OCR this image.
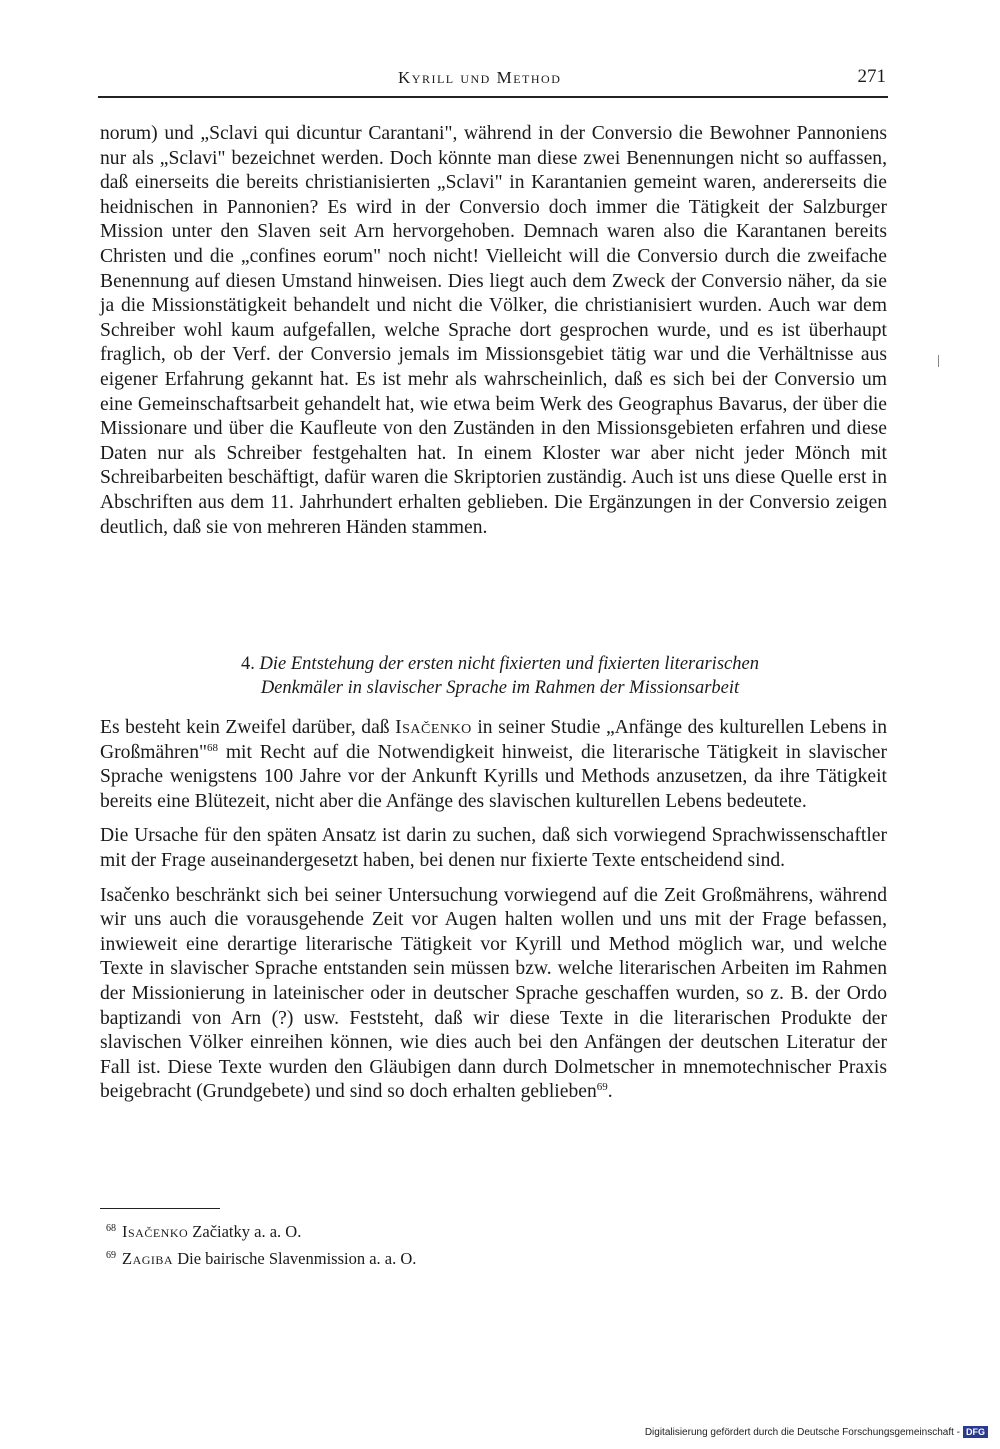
Kyrill und Method	271

norum) und „Sclavi qui dicuntur Carantani", während in der Conversio die Bewohner Pannoniens nur als „Sclavi" bezeichnet werden. Doch könnte man diese zwei Benennungen nicht so auffassen, daß einerseits die bereits christianisierten „Sclavi" in Karantanien gemeint waren, andererseits die heidnischen in Pannonien? Es wird in der Conversio doch immer die Tätigkeit der Salzburger Mission unter den Slaven seit Arn hervorgehoben. Demnach waren also die Karantanen bereits Christen und die „confines eorum" noch nicht! Vielleicht will die Conversio durch die zweifache Benennung auf diesen Umstand hinweisen. Dies liegt auch dem Zweck der Conversio näher, da sie ja die Missionstätigkeit behandelt und nicht die Völker, die christianisiert wurden. Auch war dem Schreiber wohl kaum aufgefallen, welche Sprache dort gesprochen wurde, und es ist überhaupt fraglich, ob der Verf. der Conversio jemals im Missionsgebiet tätig war und die Verhältnisse aus eigener Erfahrung gekannt hat. Es ist mehr als wahrscheinlich, daß es sich bei der Conversio um eine Gemeinschaftsarbeit gehandelt hat, wie etwa beim Werk des Geographus Bavarus, der über die Missionare und über die Kaufleute von den Zuständen in den Missionsgebieten erfahren und diese Daten nur als Schreiber festgehalten hat. In einem Kloster war aber nicht jeder Mönch mit Schreibarbeiten beschäftigt, dafür waren die Skriptorien zuständig. Auch ist uns diese Quelle erst in Abschriften aus dem 11. Jahrhundert erhalten geblieben. Die Ergänzungen in der Conversio zeigen deutlich, daß sie von mehreren Händen stammen.

4. Die Entstehung der ersten nicht fixierten und fixierten literarischen
Denkmäler in slavischer Sprache im Rahmen der Missionsarbeit

Es besteht kein Zweifel darüber, daß Isačenko in seiner Studie „Anfänge des kulturellen Lebens in Großmähren"$^{68}$ mit Recht auf die Notwendigkeit hinweist, die literarische Tätigkeit in slavischer Sprache wenigstens 100 Jahre vor der Ankunft Kyrills und Methods anzusetzen, da ihre Tätigkeit bereits eine Blütezeit, nicht aber die Anfänge des slavischen kulturellen Lebens bedeutete.

Die Ursache für den späten Ansatz ist darin zu suchen, daß sich vorwiegend Sprachwissenschaftler mit der Frage auseinandergesetzt haben, bei denen nur fixierte Texte entscheidend sind.

Isačenko beschränkt sich bei seiner Untersuchung vorwiegend auf die Zeit Großmährens, während wir uns auch die vorausgehende Zeit vor Augen halten wollen und uns mit der Frage befassen, inwieweit eine derartige literarische Tätigkeit vor Kyrill und Method möglich war, und welche Texte in slavischer Sprache entstanden sein müssen bzw. welche literarischen Arbeiten im Rahmen der Missionierung in lateinischer oder in deutscher Sprache geschaffen wurden, so z. B. der Ordo baptizandi von Arn (?) usw. Feststeht, daß wir diese Texte in die literarischen Produkte der slavischen Völker einreihen können, wie dies auch bei den Anfängen der deutschen Literatur der Fall ist. Diese Texte wurden den Gläubigen dann durch Dolmetscher in mnemotechnischer Praxis beigebracht (Grundgebete) und sind so doch erhalten geblieben$^{69}$.

$^{68}$ Isačenko Začiatky a. a. O.
$^{69}$ Zagiba Die bairische Slavenmission a. a. O.
Digitalisierung gefördert durch die Deutsche Forschungsgemeinschaft - DFG
